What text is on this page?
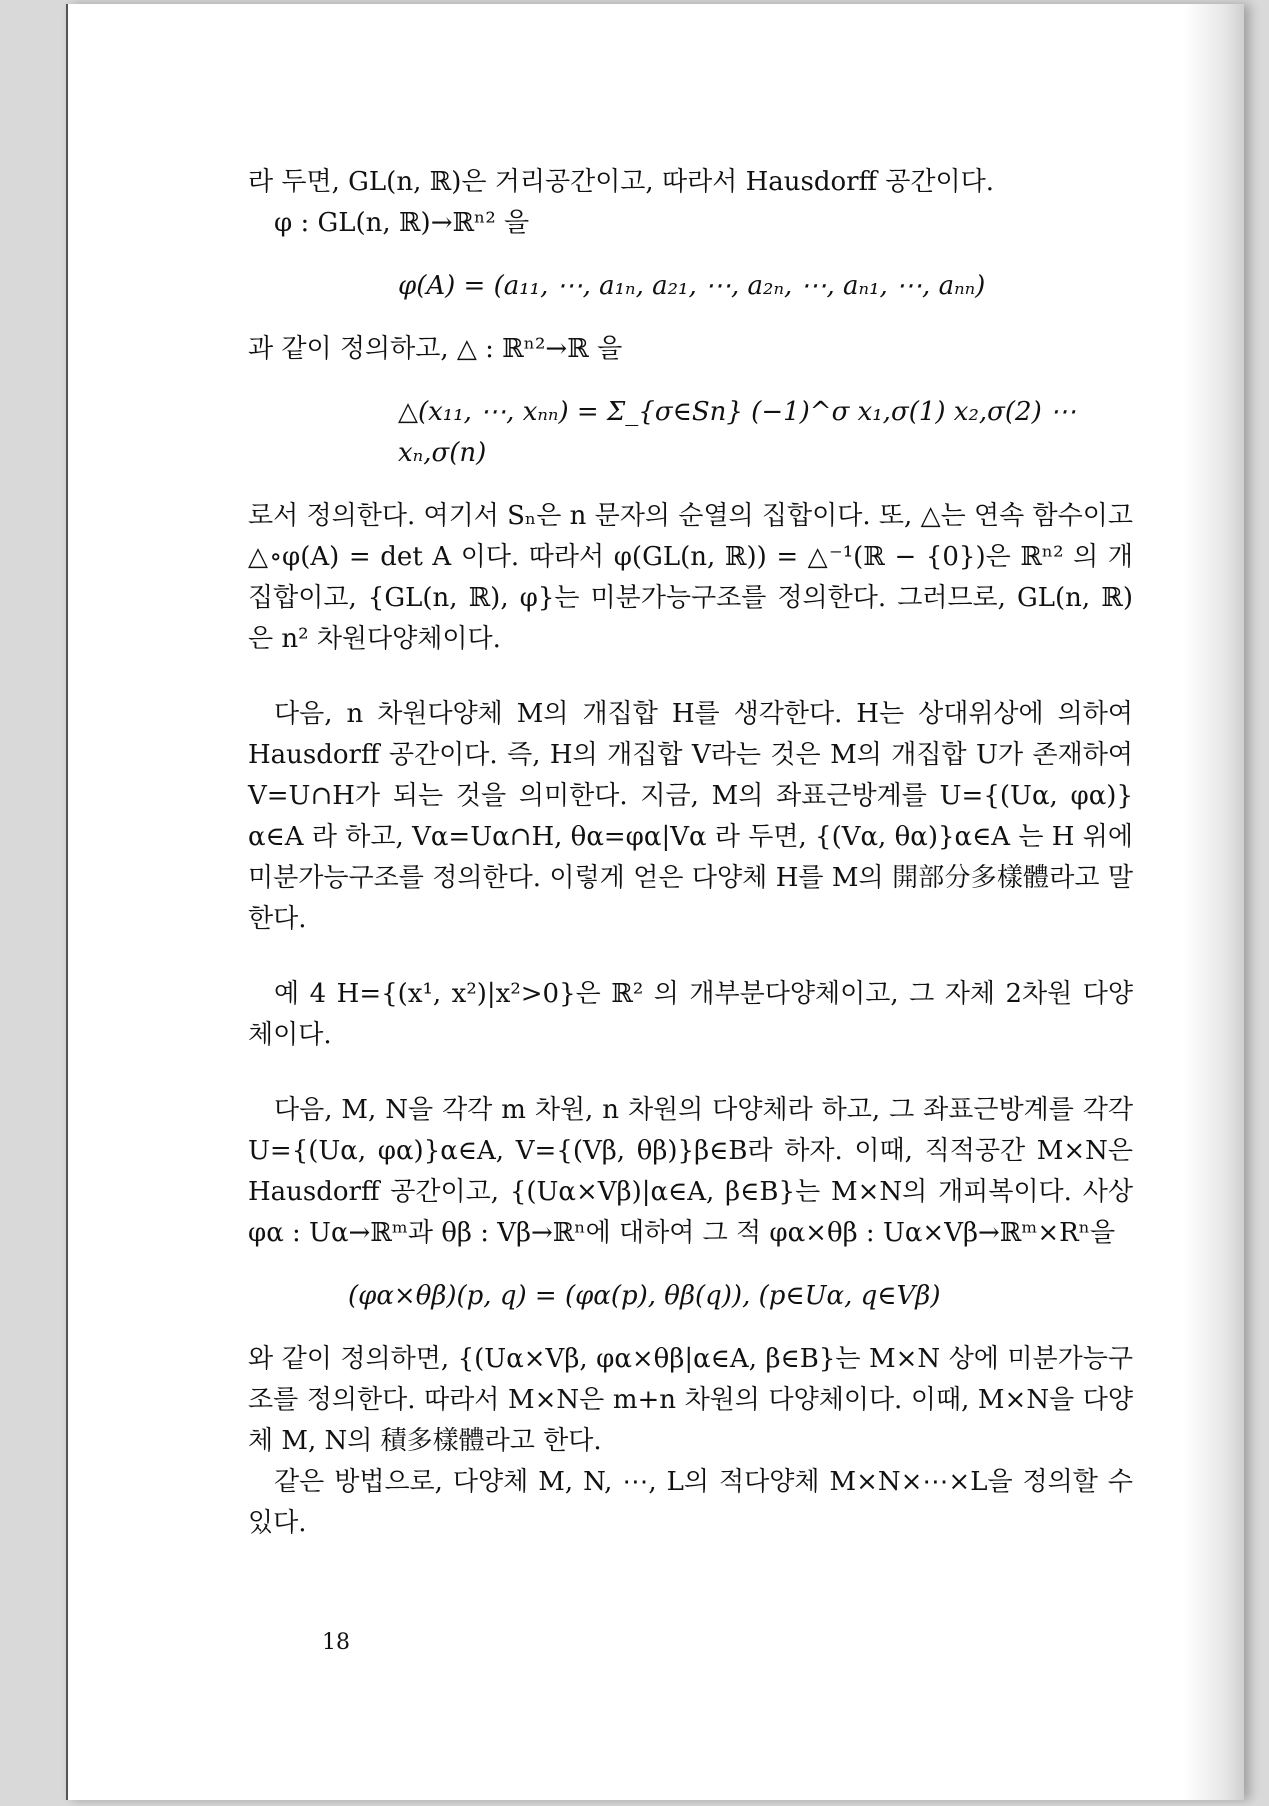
라 두면, GL(n, ℝ)은 거리공간이고, 따라서 Hausdorff 공간이다.

φ : GL(n, ℝ)→ℝⁿ² 을

φ(A) = (a₁₁, ⋯, a₁ₙ, a₂₁, ⋯, a₂ₙ, ⋯, aₙ₁, ⋯, aₙₙ)

과 같이 정의하고, △ : ℝⁿ²→ℝ 을

△(x₁₁, ⋯, xₙₙ) = Σ_{σ∈Sn} (−1)^σ x₁,σ(1) x₂,σ(2) ⋯ xₙ,σ(n)

로서 정의한다. 여기서 Sₙ은 n 문자의 순열의 집합이다. 또, △는 연속 함수이고 △∘φ(A) = det A 이다. 따라서 φ(GL(n, ℝ)) = △⁻¹(ℝ − {0})은 ℝⁿ² 의 개집합이고, {GL(n, ℝ), φ}는 미분가능구조를 정의한다. 그러므로, GL(n, ℝ)은 n² 차원다양체이다.

다음, n 차원다양체 M의 개집합 H를 생각한다. H는 상대위상에 의하여 Hausdorff 공간이다. 즉, H의 개집합 V라는 것은 M의 개집합 U가 존재하여 V=U∩H가 되는 것을 의미한다. 지금, M의 좌표근방계를 U={(Uα, φα)}α∈A 라 하고, Vα=Uα∩H, θα=φα|Vα 라 두면, {(Vα, θα)}α∈A 는 H 위에 미분가능구조를 정의한다. 이렇게 얻은 다양체 H를 M의 開部分多樣體라고 말한다.

예 4 H={(x¹, x²)|x²>0}은 ℝ² 의 개부분다양체이고, 그 자체 2차원 다양체이다.

다음, M, N을 각각 m 차원, n 차원의 다양체라 하고, 그 좌표근방계를 각각 U={(Uα, φα)}α∈A, V={(Vβ, θβ)}β∈B라 하자. 이때, 직적공간 M×N은 Hausdorff 공간이고, {(Uα×Vβ)|α∈A, β∈B}는 M×N의 개피복이다. 사상 φα : Uα→ℝᵐ과 θβ : Vβ→ℝⁿ에 대하여 그 적 φα×θβ : Uα×Vβ→ℝᵐ×Rⁿ을

(φα×θβ)(p, q) = (φα(p), θβ(q)), (p∈Uα, q∈Vβ)

와 같이 정의하면, {(Uα×Vβ, φα×θβ|α∈A, β∈B}는 M×N 상에 미분가능구조를 정의한다. 따라서 M×N은 m+n 차원의 다양체이다. 이때, M×N을 다양체 M, N의 積多樣體라고 한다.

같은 방법으로, 다양체 M, N, ⋯, L의 적다양체 M×N×⋯×L을 정의할 수 있다.

18
